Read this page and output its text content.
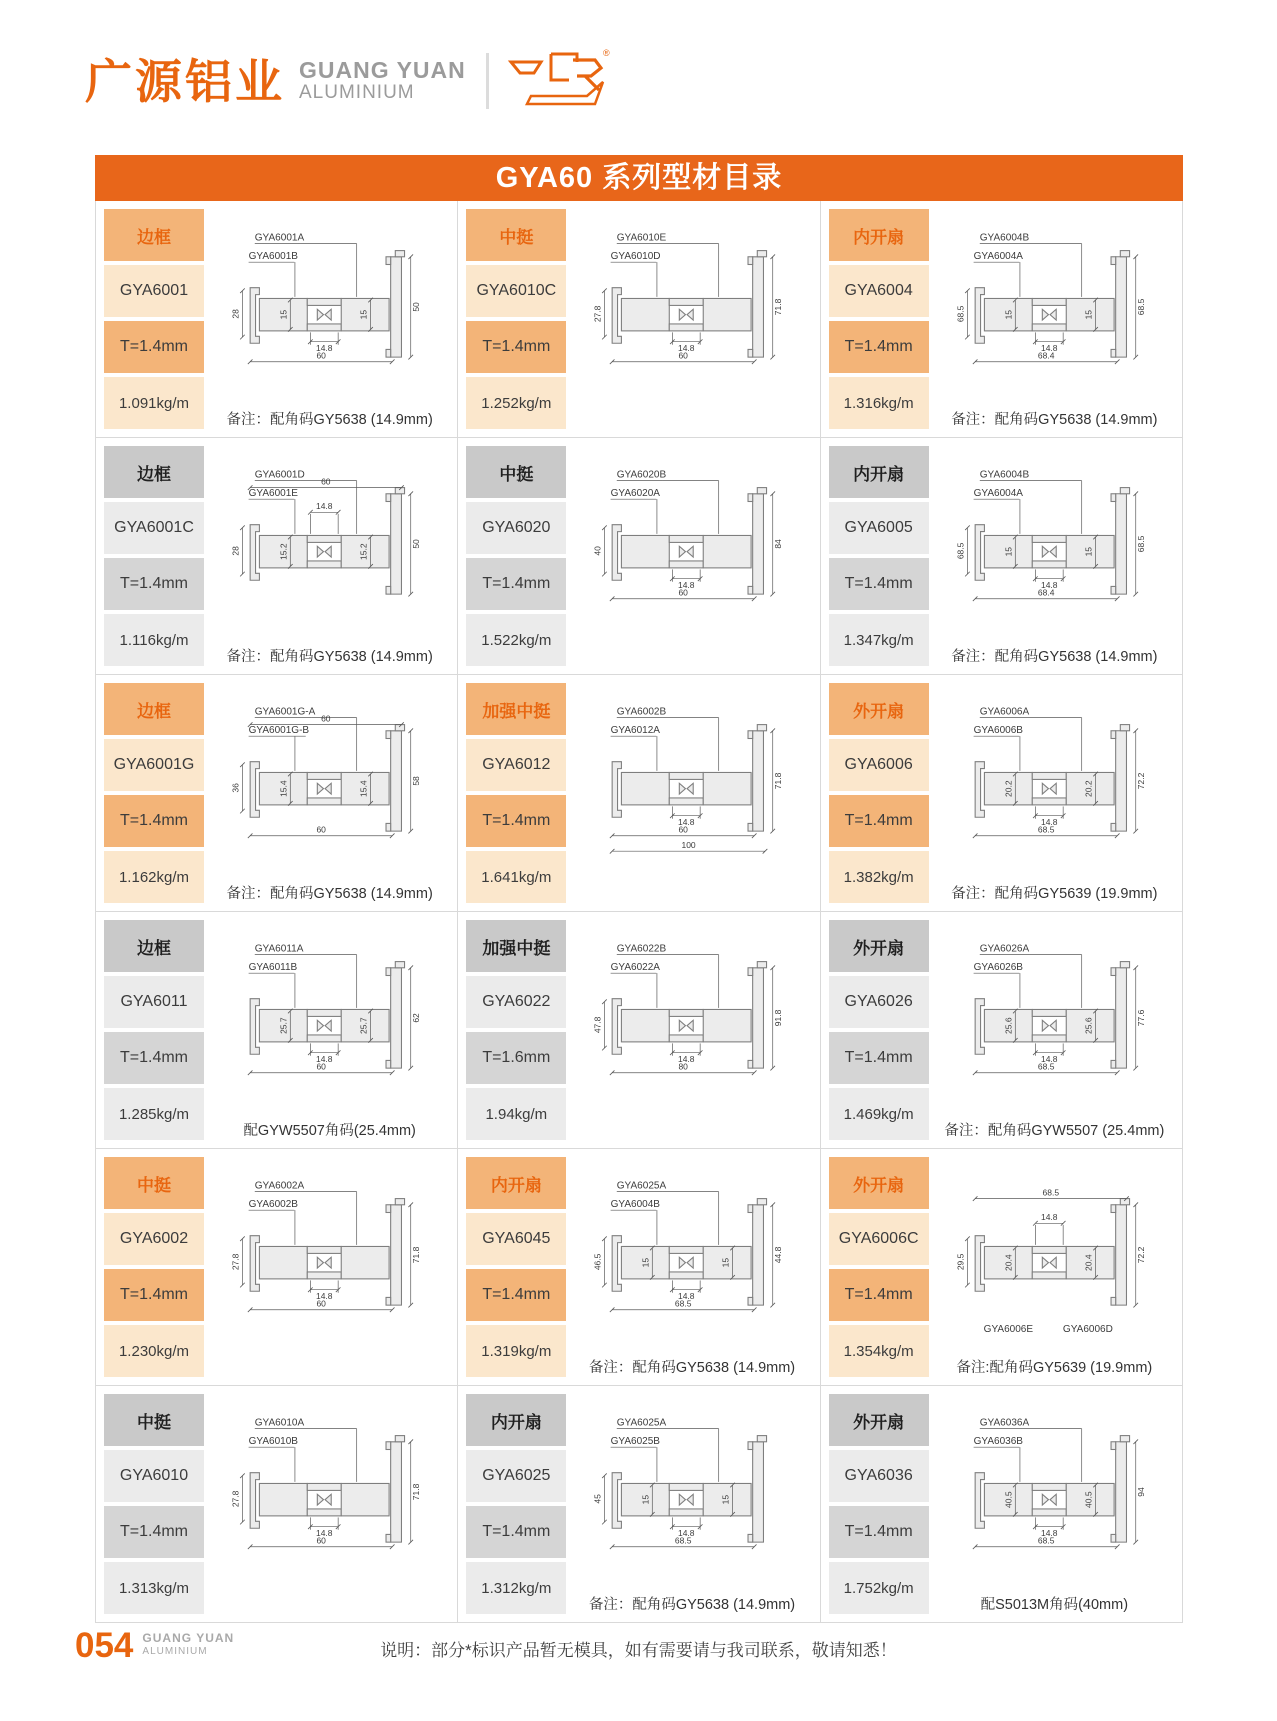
广源铝业 GUANG YUAN
ALUMINIUM
®
GYA60 系列型材目录
边框
GYA6001
T=1.4mm
1.091kg/m
GYA6001A
GYA6001B
14.8
60
28	15	15
50
备注：配角码GY5638 (14.9mm)
中挺
GYA6010C
T=1.4mm
1.252kg/m
GYA6010E
GYA6010D
14.8
60
27.8	71.8
内开扇
GYA6004
T=1.4mm
1.316kg/m
GYA6004B
GYA6004A
14.8
68.4
68.5	15	15	68.5
备注：配角码GY5638 (14.9mm)
边框
GYA6001C
T=1.4mm
1.116kg/m
GYA6001D
GYA6001E
60
14.8
28	15.2	15.2	50
备注：配角码GY5638 (14.9mm)
中挺
GYA6020
T=1.4mm
1.522kg/m
GYA6020B
GYA6020A
14.8
60
40
84
内开扇
GYA6005
T=1.4mm
1.347kg/m
GYA6004B
GYA6004A
14.8
68.4
68.5	15	15	68.5
备注：配角码GY5638 (14.9mm)
边框
GYA6001G
T=1.4mm
1.162kg/m
GYA6001G-A
GYA6001G-B
60
60
36	15.4	15.4	58
备注：配角码GY5638 (14.9mm)
加强中挺
GYA6012
T=1.4mm
1.641kg/m
GYA6002B
GYA6012A
14.8
60
100
71.8
外开扇
GYA6006
T=1.4mm
1.382kg/m
GYA6006A
GYA6006B
14.8
68.5
20.2	20.2	72.2
备注：配角码GY5639 (19.9mm)
边框
GYA6011
T=1.4mm
1.285kg/m
GYA6011A
GYA6011B
14.8
60
25.7	25.7	62
配GYW5507角码(25.4mm)
加强中挺
GYA6022
T=1.6mm
1.94kg/m
GYA6022B
GYA6022A
14.8
80
47.8	91.8
外开扇
GYA6026
T=1.4mm
1.469kg/m
GYA6026A
GYA6026B
14.8
68.5
25.6	25.6	77.6
备注：配角码GYW5507 (25.4mm)
中挺
GYA6002
T=1.4mm
1.230kg/m
GYA6002A
GYA6002B
14.8
60
27.8	71.8
内开扇
GYA6045
T=1.4mm
1.319kg/m
GYA6025A
GYA6004B
14.8
68.5
46.5	15	15	44.8
备注：配角码GY5638 (14.9mm)
外开扇
GYA6006C
T=1.4mm
1.354kg/m
GYA6006E GYA6006D
68.5
14.8
29.5	20.4	20.4	72.2
备注:配角码GY5639 (19.9mm)
中挺
GYA6010
T=1.4mm
1.313kg/m
GYA6010A
GYA6010B
14.8
60
27.8	71.8
内开扇
GYA6025
T=1.4mm
1.312kg/m
GYA6025A
GYA6025B
14.8
68.5
45	15	15
备注：配角码GY5638 (14.9mm)
外开扇
GYA6036
T=1.4mm
1.752kg/m
GYA6036A
GYA6036B
14.8
68.5
40.5	40.5	94
配S5013M角码(40mm)
054 GUANG YUAN
ALUMINIUM	说明：部分*标识产品暂无模具，如有需要请与我司联系，敬请知悉！
